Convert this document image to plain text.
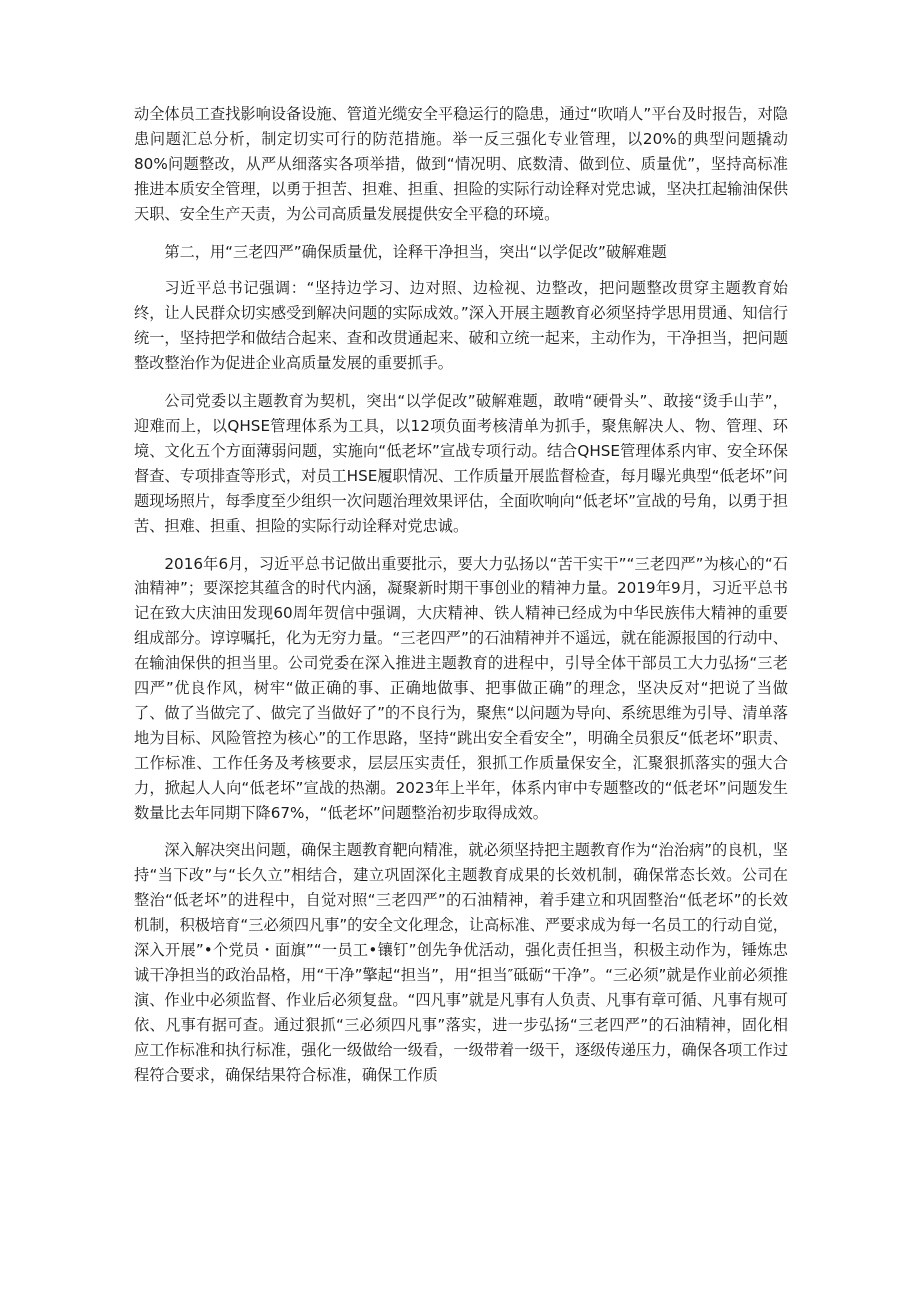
动全体员工查找影响设备设施、管道光缆安全平稳运行的隐患，通过“吹哨人”平台及时报告，对隐患问题汇总分析，制定切实可行的防范措施。举一反三强化专业管理，以20%的典型问题撬动80%问题整改，从严从细落实各项举措，做到“情况明、底数清、做到位、质量优”，坚持高标准推进本质安全管理，以勇于担苦、担难、担重、担险的实际行动诠释对党忠诚，坚决扛起输油保供天职、安全生产天责，为公司高质量发展提供安全平稳的环境。

第二，用“三老四严”确保质量优，诠释干净担当，突出“以学促改”破解难题

习近平总书记强调：“坚持边学习、边对照、边检视、边整改，把问题整改贯穿主题教育始终，让人民群众切实感受到解决问题的实际成效。”深入开展主题教育必须坚持学思用贯通、知信行统一，坚持把学和做结合起来、查和改贯通起来、破和立统一起来，主动作为，干净担当，把问题整改整治作为促进企业高质量发展的重要抓手。

公司党委以主题教育为契机，突出“以学促改”破解难题，敢啃“硬骨头”、敢接“烫手山芋”，迎难而上，以QHSE管理体系为工具，以12项负面考核清单为抓手，聚焦解决人、物、管理、环境、文化五个方面薄弱问题，实施向“低老坏”宣战专项行动。结合QHSE管理体系内审、安全环保督查、专项排查等形式，对员工HSE履职情况、工作质量开展监督检查，每月曝光典型“低老坏”问题现场照片，每季度至少组织一次问题治理效果评估，全面吹响向“低老坏”宣战的号角，以勇于担苦、担难、担重、担险的实际行动诠释对党忠诚。

2016年6月，习近平总书记做出重要批示，要大力弘扬以“苦干实干”“三老四严”为核心的“石油精神”；要深挖其蕴含的时代内涵，凝聚新时期干事创业的精神力量。2019年9月，习近平总书记在致大庆油田发现60周年贺信中强调，大庆精神、铁人精神已经成为中华民族伟大精神的重要组成部分。谆谆嘱托，化为无穷力量。“三老四严”的石油精神并不遥远，就在能源报国的行动中、在输油保供的担当里。公司党委在深入推进主题教育的进程中，引导全体干部员工大力弘扬“三老四严”优良作风，树牢“做正确的事、正确地做事、把事做正确”的理念，坚决反对“把说了当做了、做了当做完了、做完了当做好了”的不良行为，聚焦“以问题为导向、系统思维为引导、清单落地为目标、风险管控为核心”的工作思路，坚持“跳出安全看安全”，明确全员狠反“低老坏”职责、工作标准、工作任务及考核要求，层层压实责任，狠抓工作质量保安全，汇聚狠抓落实的强大合力，掀起人人向“低老坏”宣战的热潮。2023年上半年，体系内审中专题整改的“低老坏”问题发生数量比去年同期下降67%，“低老坏”问题整治初步取得成效。

深入解决突出问题，确保主题教育靶向精准，就必须坚持把主题教育作为“治治病”的良机，坚持“当下改”与“长久立”相结合，建立巩固深化主题教育成果的长效机制，确保常态长效。公司在整治“低老坏”的进程中，自觉对照“三老四严”的石油精神，着手建立和巩固整治“低老坏”的长效机制，积极培育“三必须四凡事”的安全文化理念，让高标准、严要求成为每一名员工的行动自觉，深入开展”•个党员・面旗”“一员工•镶钉”创先争优活动，强化责任担当，积极主动作为，锤炼忠诚干净担当的政治品格，用“干净”擎起“担当”，用“担当″砥砺“干净”。“三必须”就是作业前必须推演、作业中必须监督、作业后必须复盘。“四凡事”就是凡事有人负责、凡事有章可循、凡事有规可依、凡事有据可查。通过狠抓“三必须四凡事”落实，进一步弘扬“三老四严”的石油精神，固化相应工作标准和执行标准，强化一级做给一级看，一级带着一级干，逐级传递压力，确保各项工作过程符合要求，确保结果符合标准，确保工作质
